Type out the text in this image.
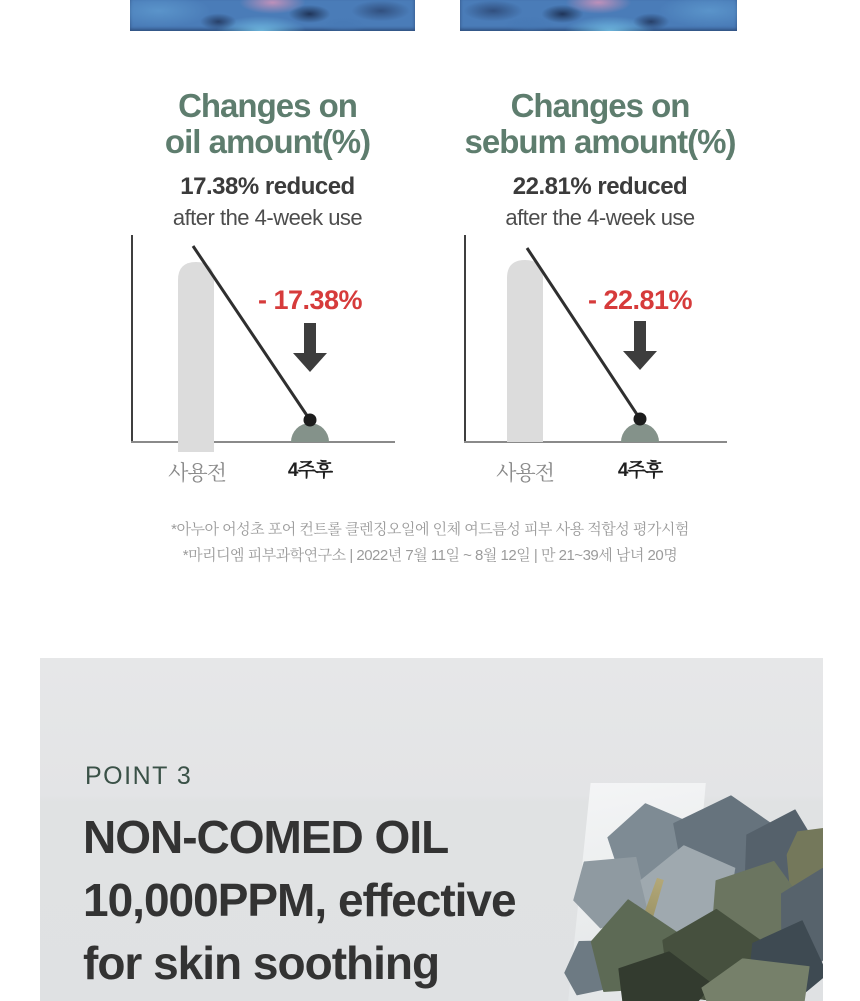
Changes on
oil amount(%)
17.38% reduced
after the 4-week use
Changes on
sebum amount(%)
22.81% reduced
after the 4-week use
- 17.38%
사용전	4주후
- 22.81%
사용전	4주후
*아누아 어성초 포어 컨트롤 클렌징오일에 인체 여드름성 피부 사용 적합성 평가시험
*마리디엠 피부과학연구소 | 2022년 7월 11일 ~ 8월 12일 | 만 21~39세 남녀 20명
POINT 3
NON-COMED OIL
10,000PPM, effective
for skin soothing
